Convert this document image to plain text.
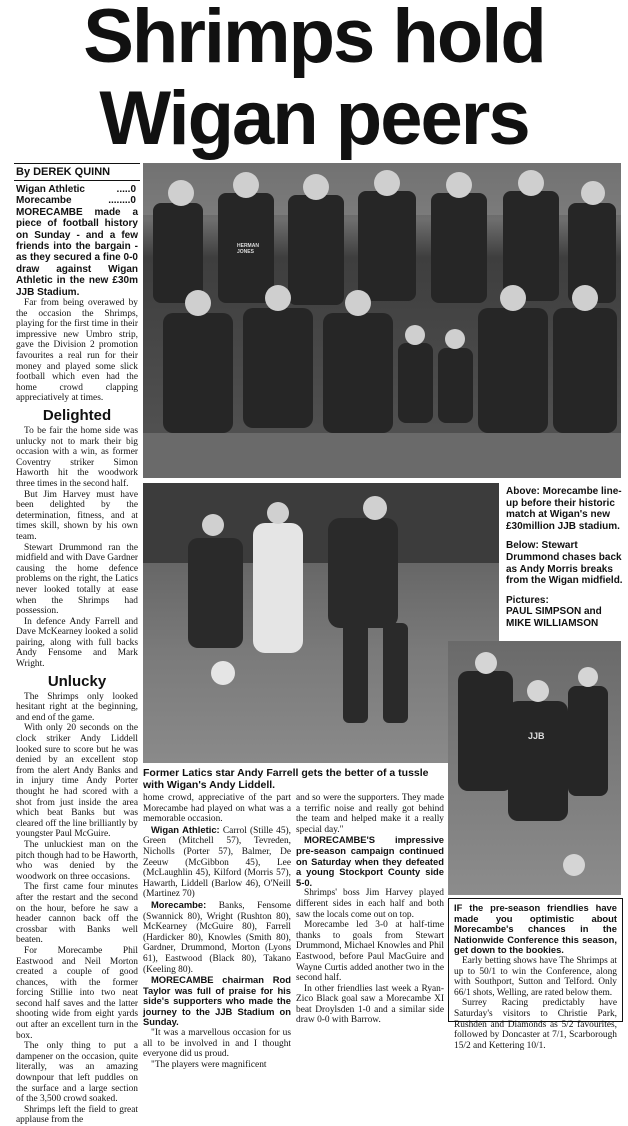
Shrimps hold
Wigan peers
By DEREK QUINN
Wigan Athletic	.....0
Morecambe	........0
MORECAMBE made a piece of football history on Sunday - and a few friends into the bargain - as they secured a fine 0-0 draw against Wigan Athletic in the new £30m JJB Stadium.

Far from being overawed by the occasion the Shrimps, playing for the first time in their impressive new Umbro strip, gave the Division 2 promotion favourites a real run for their money and played some slick football which even had the home crowd clapping appreciatively at times.

Delighted

To be fair the home side was unlucky not to mark their big occasion with a win, as former Coventry striker Simon Haworth hit the woodwork three times in the second half.

But Jim Harvey must have been delighted by the determination, fitness, and at times skill, shown by his own team.

Stewart Drummond ran the midfield and with Dave Gardner causing the home defence problems on the right, the Latics never looked totally at ease when the Shrimps had possession.

In defence Andy Farrell and Dave McKearney looked a solid pairing, along with full backs Andy Fensome and Mark Wright.

Unlucky

The Shrimps only looked hesitant right at the beginning, and end of the game.

With only 20 seconds on the clock striker Andy Liddell looked sure to score but he was denied by an excellent stop from the alert Andy Banks and in injury time Andy Porter thought he had scored with a shot from just inside the area which beat Banks but was cleared off the line brilliantly by youngster Paul McGuire.

The unluckiest man on the pitch though had to be Haworth, who was denied by the woodwork on three occasions.

The first came four minutes after the restart and the second on the hour, before he saw a header cannon back off the crossbar with Banks well beaten.

For Morecambe Phil Eastwood and Neil Morton created a couple of good chances, with the former forcing Stillie into two neat second half saves and the latter shooting wide from eight yards out after an excellent turn in the box.

The only thing to put a dampener on the occasion, quite literally, was an amazing downpour that left puddles on the surface and a large section of the 3,500 crowd soaked.

Shrimps left the field to great applause from the

HERMAN JONES
Above: Morecambe line-up before their historic match at Wigan's new £30million JJB stadium.
Below: Stewart Drummond chases back as Andy Morris breaks from the Wigan midfield.
Pictures:
PAUL SIMPSON and MIKE WILLIAMSON
JJB
Former Latics star Andy Farrell gets the better of a tussle with Wigan's Andy Liddell.

home crowd, appreciative of the part Morecambe had played on what was a memorable occasion.

Wigan Athletic: Carrol (Stille 45), Green (Mitchell 57), Tevreden, Nicholls (Porter 57), Balmer, De Zeeuw (McGibbon 45), Lee (McLaughlin 45), Kilford (Morris 57), Hawarth, Liddell (Barlow 46), O'Neill (Martinez 70)

Morecambe: Banks, Fensome (Swannick 80), Wright (Rushton 80), McKearney (McGuire 80), Farrell (Hardicker 80), Knowles (Smith 80), Gardner, Drummond, Morton (Lyons 61), Eastwood (Black 80), Takano (Keeling 80).

MORECAMBE chairman Rod Taylor was full of praise for his side's supporters who made the journey to the JJB Stadium on Sunday.

"It was a marvellous occasion for us all to be involved in and I thought everyone did us proud.

"The players were magnificent

and so were the supporters. They made a terrific noise and really got behind the team and helped make it a really special day."

MORECAMBE'S impressive pre-season campaign continued on Saturday when they defeated a young Stockport County side 5-0.

Shrimps' boss Jim Harvey played different sides in each half and both saw the locals come out on top.

Morecambe led 3-0 at half-time thanks to goals from Stewart Drummond, Michael Knowles and Phil Eastwood, before Paul MacGuire and Wayne Curtis added another two in the second half.

In other friendlies last week a Ryan-Zico Black goal saw a Morecambe XI beat Droylsden 1-0 and a similar side draw 0-0 with Barrow.

IF the pre-season friendlies have made you optimistic about Morecambe's chances in the Nationwide Conference this season, get down to the bookies.

Early betting shows have The Shrimps at up to 50/1 to win the Conference, along with Southport, Sutton and Telford. Only 66/1 shots, Welling, are rated below them.

Surrey Racing predictably have Saturday's visitors to Christie Park, Rushden and Diamonds as 5/2 favourites, followed by Doncaster at 7/1, Scarborough 15/2 and Kettering 10/1.
